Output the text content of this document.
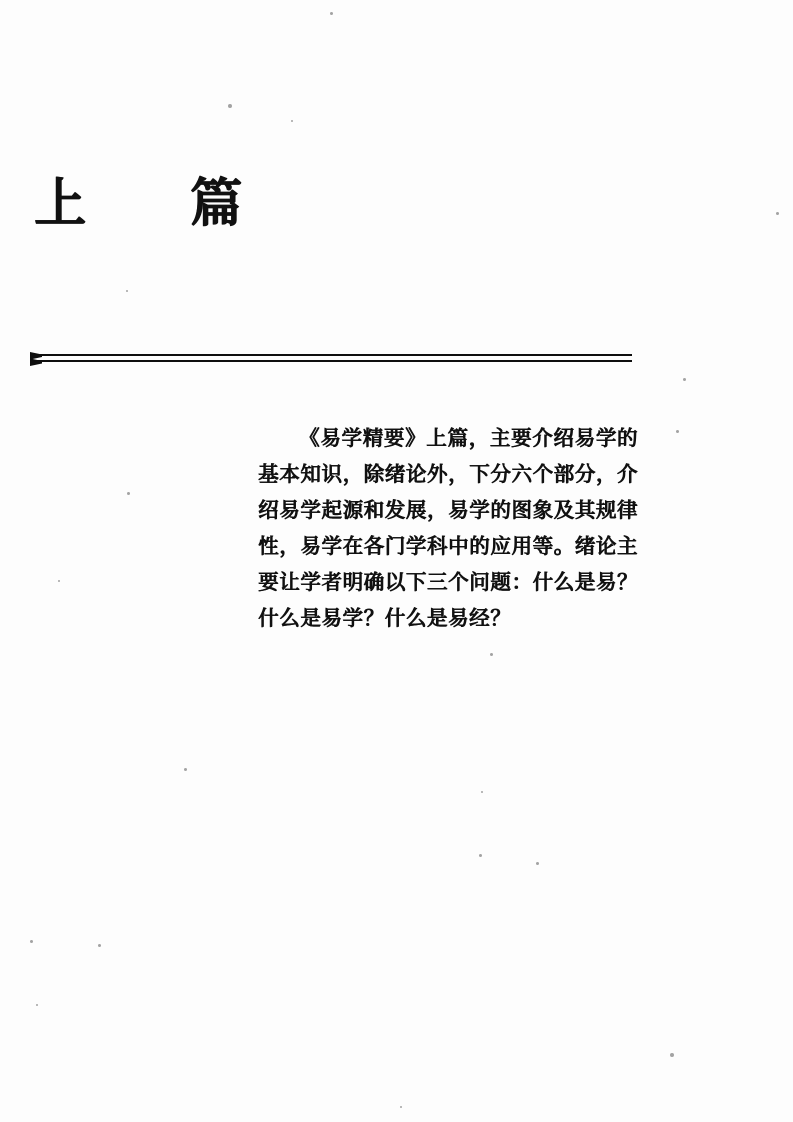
上　篇
《易学精要》上篇，主要介绍易学的基本知识，除绪论外，下分六个部分，介绍易学起源和发展，易学的图象及其规律性，易学在各门学科中的应用等。绪论主要让学者明确以下三个问题：什么是易？什么是易学？什么是易经？
